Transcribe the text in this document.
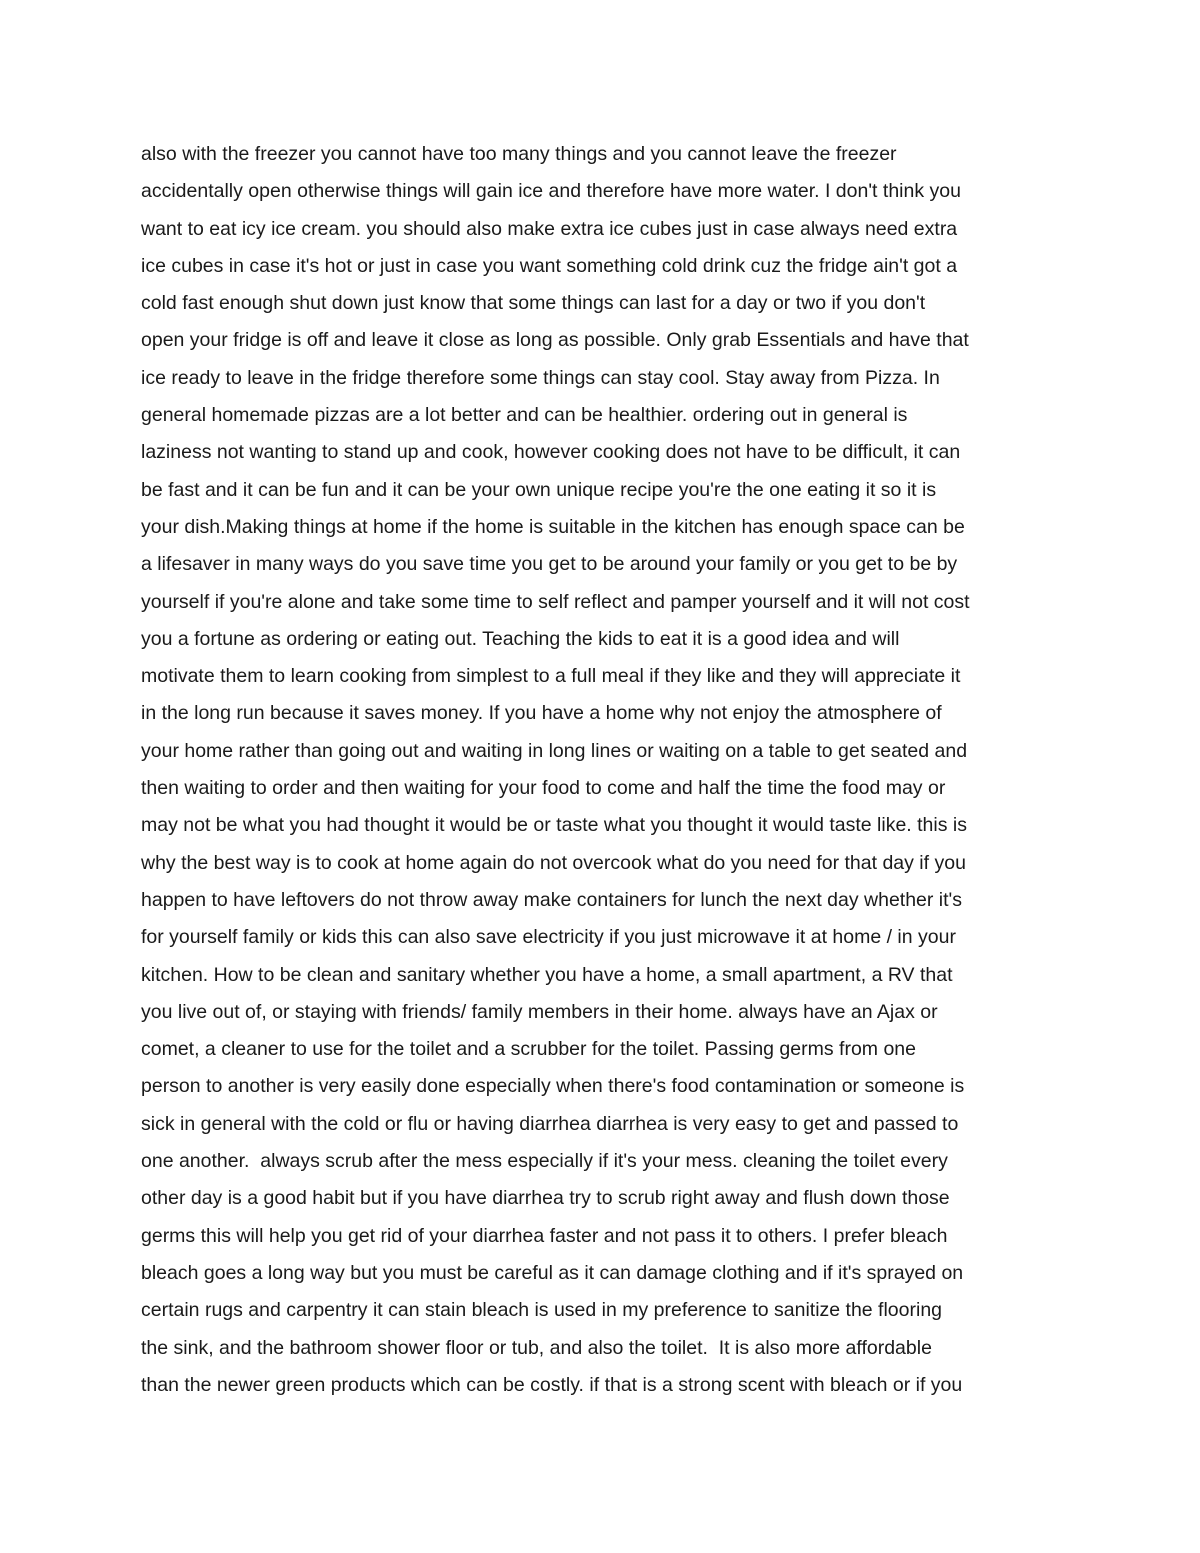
also with the freezer you cannot have too many things and you cannot leave the freezer
accidentally open otherwise things will gain ice and therefore have more water. I don't think you
want to eat icy ice cream. you should also make extra ice cubes just in case always need extra
ice cubes in case it's hot or just in case you want something cold drink cuz the fridge ain't got a
cold fast enough shut down just know that some things can last for a day or two if you don't
open your fridge is off and leave it close as long as possible. Only grab Essentials and have that
ice ready to leave in the fridge therefore some things can stay cool. Stay away from Pizza. In
general homemade pizzas are a lot better and can be healthier. ordering out in general is
laziness not wanting to stand up and cook, however cooking does not have to be difficult, it can
be fast and it can be fun and it can be your own unique recipe you're the one eating it so it is
your dish.Making things at home if the home is suitable in the kitchen has enough space can be
a lifesaver in many ways do you save time you get to be around your family or you get to be by
yourself if you're alone and take some time to self reflect and pamper yourself and it will not cost
you a fortune as ordering or eating out. Teaching the kids to eat it is a good idea and will
motivate them to learn cooking from simplest to a full meal if they like and they will appreciate it
in the long run because it saves money. If you have a home why not enjoy the atmosphere of
your home rather than going out and waiting in long lines or waiting on a table to get seated and
then waiting to order and then waiting for your food to come and half the time the food may or
may not be what you had thought it would be or taste what you thought it would taste like. this is
why the best way is to cook at home again do not overcook what do you need for that day if you
happen to have leftovers do not throw away make containers for lunch the next day whether it's
for yourself family or kids this can also save electricity if you just microwave it at home / in your
kitchen. How to be clean and sanitary whether you have a home, a small apartment, a RV that
you live out of, or staying with friends/ family members in their home. always have an Ajax or
comet, a cleaner to use for the toilet and a scrubber for the toilet. Passing germs from one
person to another is very easily done especially when there's food contamination or someone is
sick in general with the cold or flu or having diarrhea diarrhea is very easy to get and passed to
one another.  always scrub after the mess especially if it's your mess. cleaning the toilet every
other day is a good habit but if you have diarrhea try to scrub right away and flush down those
germs this will help you get rid of your diarrhea faster and not pass it to others. I prefer bleach
bleach goes a long way but you must be careful as it can damage clothing and if it's sprayed on
certain rugs and carpentry it can stain bleach is used in my preference to sanitize the flooring
the sink, and the bathroom shower floor or tub, and also the toilet.  It is also more affordable
than the newer green products which can be costly. if that is a strong scent with bleach or if you
